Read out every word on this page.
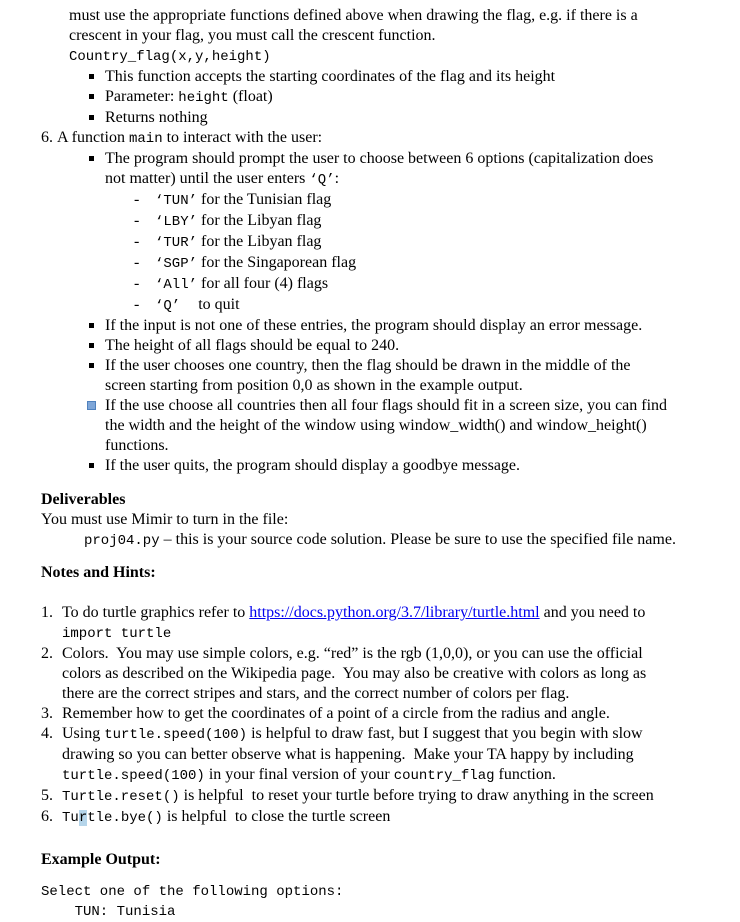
must use the appropriate functions defined above when drawing the flag, e.g. if there is a
crescent in your flag, you must call the crescent function.
Country_flag(x,y,height)
This function accepts the starting coordinates of the flag and its height
Parameter: height (float)
Returns nothing
6. A function main to interact with the user:
The program should prompt the user to choose between 6 options (capitalization does
not matter) until the user enters ‘Q’:
- ‘TUN’ for the Tunisian flag
- ‘LBY’ for the Libyan flag
- ‘TUR’ for the Libyan flag
- ‘SGP’ for the Singaporean flag
- ‘All’ for all four (4) flags
- ‘Q’ to quit
If the input is not one of these entries, the program should display an error message.
The height of all flags should be equal to 240.
If the user chooses one country, then the flag should be drawn in the middle of the
screen starting from position 0,0 as shown in the example output.
If the use choose all countries then all four flags should fit in a screen size, you can find
the width and the height of the window using window_width() and window_height()
functions.
If the user quits, the program should display a goodbye message.
Deliverables
You must use Mimir to turn in the file:
proj04.py – this is your source code solution. Please be sure to use the specified file name.
Notes and Hints:
1. To do turtle graphics refer to https://docs.python.org/3.7/library/turtle.html and you need to
import turtle
2. Colors.  You may use simple colors, e.g. “red” is the rgb (1,0,0), or you can use the official
colors as described on the Wikipedia page.  You may also be creative with colors as long as
there are the correct stripes and stars, and the correct number of colors per flag.
3. Remember how to get the coordinates of a point of a circle from the radius and angle.
4. Using turtle.speed(100) is helpful to draw fast, but I suggest that you begin with slow
drawing so you can better observe what is happening.  Make your TA happy by including
turtle.speed(100) in your final version of your country_flag function.
5. Turtle.reset() is helpful  to reset your turtle before trying to draw anything in the screen
6. Turtle.bye() is helpful  to close the turtle screen
Example Output:
Select one of the following options:
TUN: Tunisia
